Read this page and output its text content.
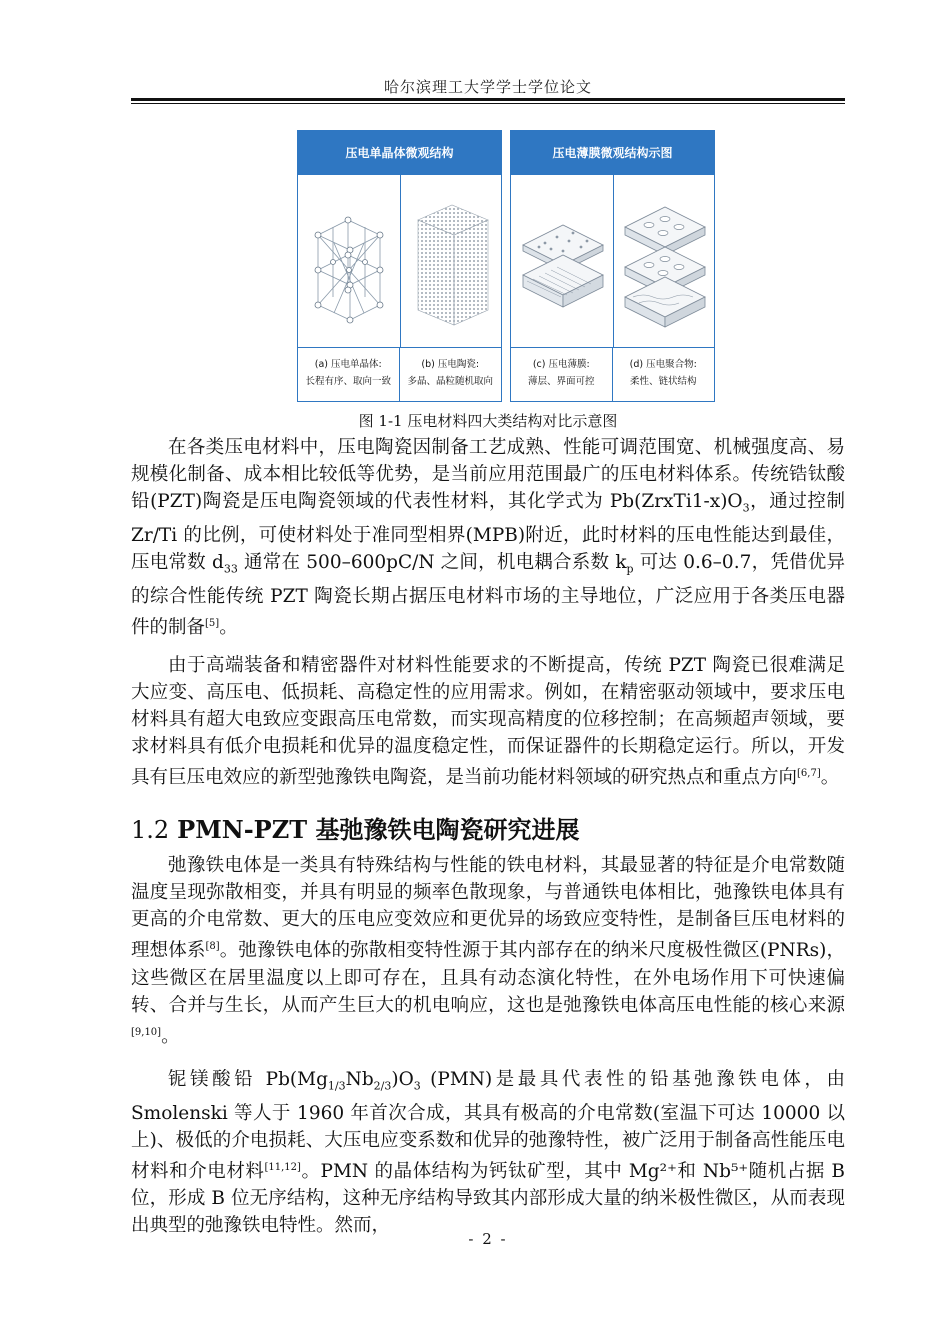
哈尔滨理工大学学士学位论文
压电单晶体微观结构
(a) 压电单晶体:
长程有序、取向一致
(b) 压电陶瓷:
多晶、晶粒随机取向
压电薄膜微观结构示图
(c) 压电薄膜:
薄层、界面可控
(d) 压电聚合物:
柔性、链状结构
图 1-1 压电材料四大类结构对比示意图

在各类压电材料中，压电陶瓷因制备工艺成熟、性能可调范围宽、机械强度高、易规模化制备、成本相比较低等优势，是当前应用范围最广的压电材料体系。传统锆钛酸铅(PZT)陶瓷是压电陶瓷领域的代表性材料，其化学式为 $Pb(ZrxTi1-x)O_3$，通过控制 Zr/Ti 的比例，可使材料处于准同型相界(MPB)附近，此时材料的压电性能达到最佳，压电常数 $d_{33}$ 通常在 500–600pC/N 之间，机电耦合系数 $k_p$ 可达 0.6–0.7，凭借优异的综合性能传统 PZT 陶瓷长期占据压电材料市场的主导地位，广泛应用于各类压电器件的制备[5]。

由于高端装备和精密器件对材料性能要求的不断提高，传统 PZT 陶瓷已很难满足大应变、高压电、低损耗、高稳定性的应用需求。例如，在精密驱动领域中，要求压电材料具有超大电致应变跟高压电常数，而实现高精度的位移控制；在高频超声领域，要求材料具有低介电损耗和优异的温度稳定性，而保证器件的长期稳定运行。所以，开发具有巨压电效应的新型弛豫铁电陶瓷，是当前功能材料领域的研究热点和重点方向[6,7]。

1.2 PMN-PZT 基弛豫铁电陶瓷研究进展

弛豫铁电体是一类具有特殊结构与性能的铁电材料，其最显著的特征是介电常数随温度呈现弥散相变，并具有明显的频率色散现象，与普通铁电体相比，弛豫铁电体具有更高的介电常数、更大的压电应变效应和更优异的场致应变特性，是制备巨压电材料的理想体系[8]。弛豫铁电体的弥散相变特性源于其内部存在的纳米尺度极性微区(PNRs)，这些微区在居里温度以上即可存在，且具有动态演化特性，在外电场作用下可快速偏转、合并与生长，从而产生巨大的机电响应，这也是弛豫铁电体高压电性能的核心来源[9,10]。

铌镁酸铅 $Pb(Mg_{1/3}Nb_{2/3})O_3$ (PMN)是最具代表性的铅基弛豫铁电体，由 Smolenski 等人于 1960 年首次合成，其具有极高的介电常数(室温下可达 10000 以上)、极低的介电损耗、大压电应变系数和优异的弛豫特性，被广泛用于制备高性能压电材料和介电材料[11,12]。PMN 的晶体结构为钙钛矿型，其中 Mg²⁺和 Nb⁵⁺随机占据 B 位，形成 B 位无序结构，这种无序结构导致其内部形成大量的纳米极性微区，从而表现出典型的弛豫铁电特性。然而，

- 2 -
